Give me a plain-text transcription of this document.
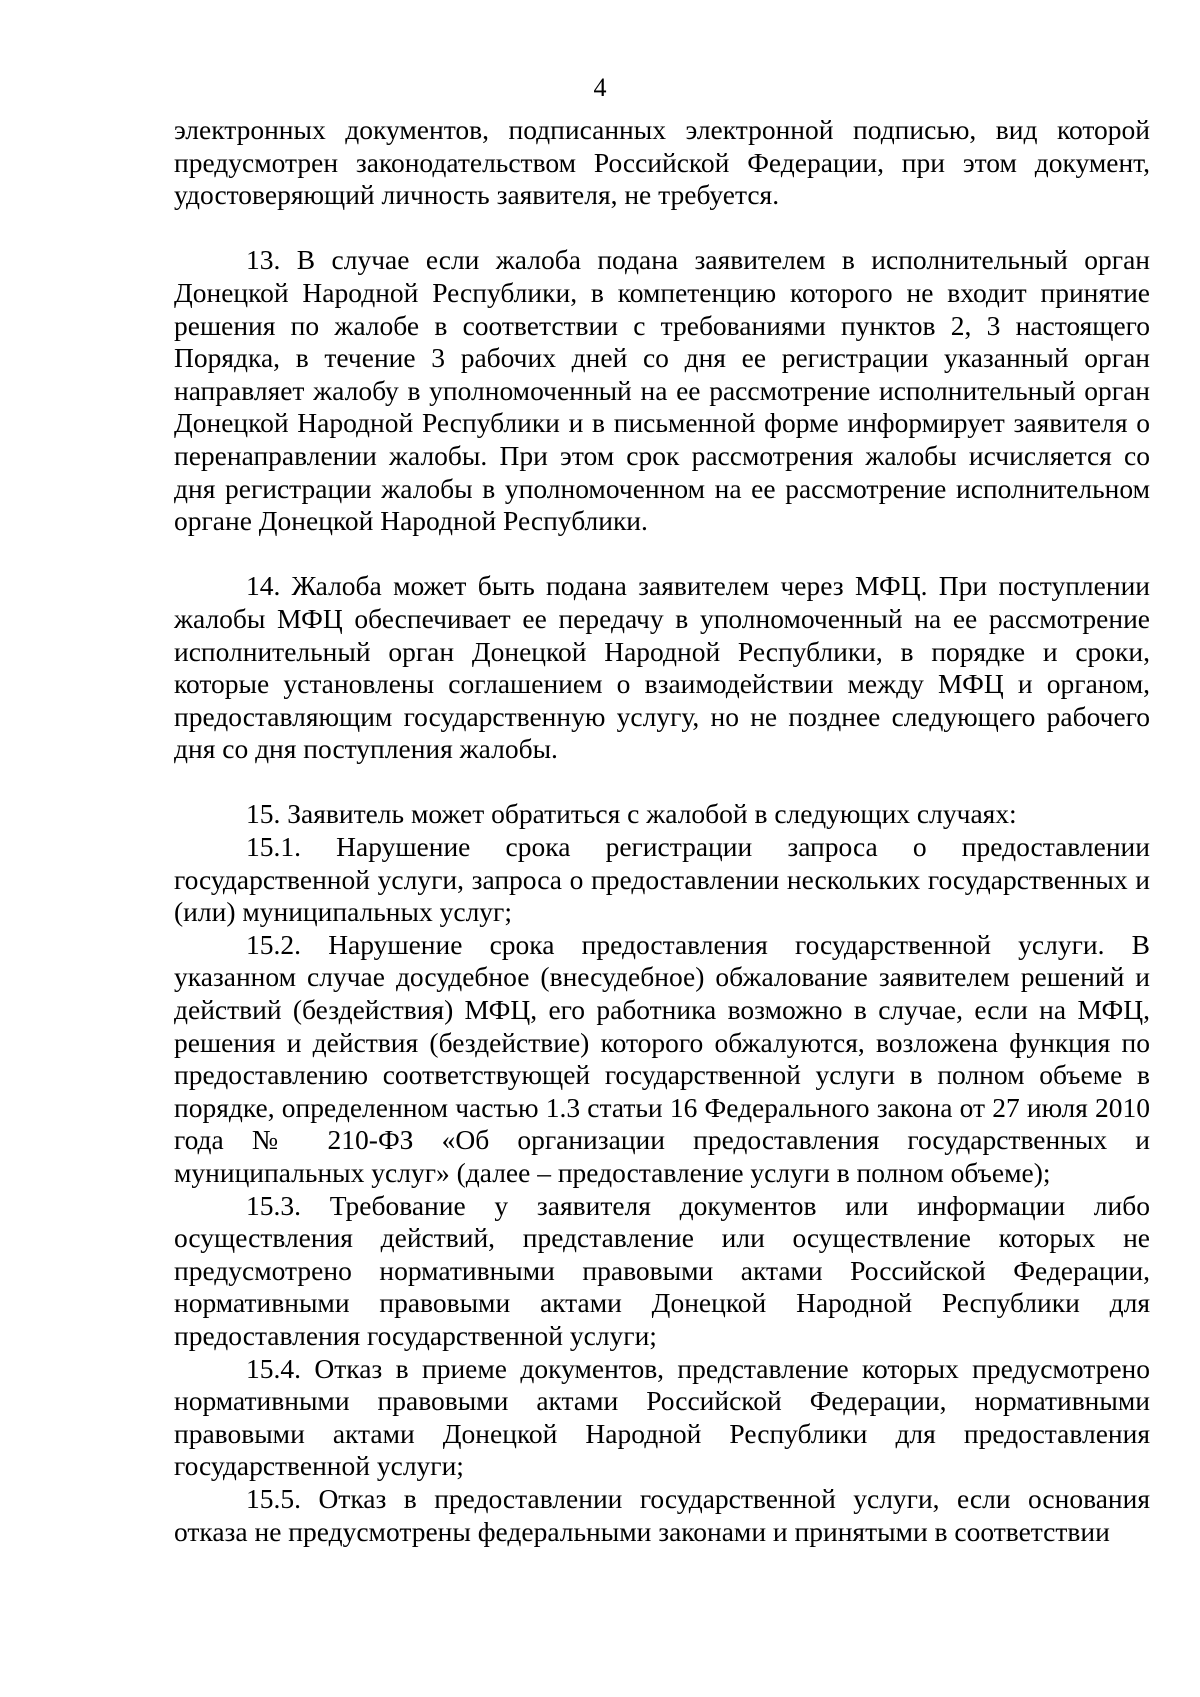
4

электронных документов, подписанных электронной подписью, вид которой предусмотрен законодательством Российской Федерации, при этом документ, удостоверяющий личность заявителя, не требуется.

13. В случае если жалоба подана заявителем в исполнительный орган Донецкой Народной Республики, в компетенцию которого не входит принятие решения по жалобе в соответствии с требованиями пунктов 2, 3 настоящего Порядка, в течение 3 рабочих дней со дня ее регистрации указанный орган направляет жалобу в уполномоченный на ее рассмотрение исполнительный орган Донецкой Народной Республики и в письменной форме информирует заявителя о перенаправлении жалобы. При этом срок рассмотрения жалобы исчисляется со дня регистрации жалобы в уполномоченном на ее рассмотрение исполнительном органе Донецкой Народной Республики.

14. Жалоба может быть подана заявителем через МФЦ. При поступлении жалобы МФЦ обеспечивает ее передачу в уполномоченный на ее рассмотрение исполнительный орган Донецкой Народной Республики, в порядке и сроки, которые установлены соглашением о взаимодействии между МФЦ и органом, предоставляющим государственную услугу, но не позднее следующего рабочего дня со дня поступления жалобы.

15. Заявитель может обратиться с жалобой в следующих случаях:

15.1. Нарушение срока регистрации запроса о предоставлении государственной услуги, запроса о предоставлении нескольких государственных и (или) муниципальных услуг;

15.2. Нарушение срока предоставления государственной услуги. В указанном случае досудебное (внесудебное) обжалование заявителем решений и действий (бездействия) МФЦ, его работника возможно в случае, если на МФЦ, решения и действия (бездействие) которого обжалуются, возложена функция по предоставлению соответствующей государственной услуги в полном объеме в порядке, определенном частью 1.3 статьи 16 Федерального закона от 27 июля 2010 года № 210-ФЗ «Об организации предоставления государственных и муниципальных услуг» (далее – предоставление услуги в полном объеме);

15.3. Требование у заявителя документов или информации либо осуществления действий, представление или осуществление которых не предусмотрено нормативными правовыми актами Российской Федерации, нормативными правовыми актами Донецкой Народной Республики для предоставления государственной услуги;

15.4. Отказ в приеме документов, представление которых предусмотрено нормативными правовыми актами Российской Федерации, нормативными правовыми актами Донецкой Народной Республики для предоставления государственной услуги;

15.5. Отказ в предоставлении государственной услуги, если основания отказа не предусмотрены федеральными законами и принятыми в соответствии
